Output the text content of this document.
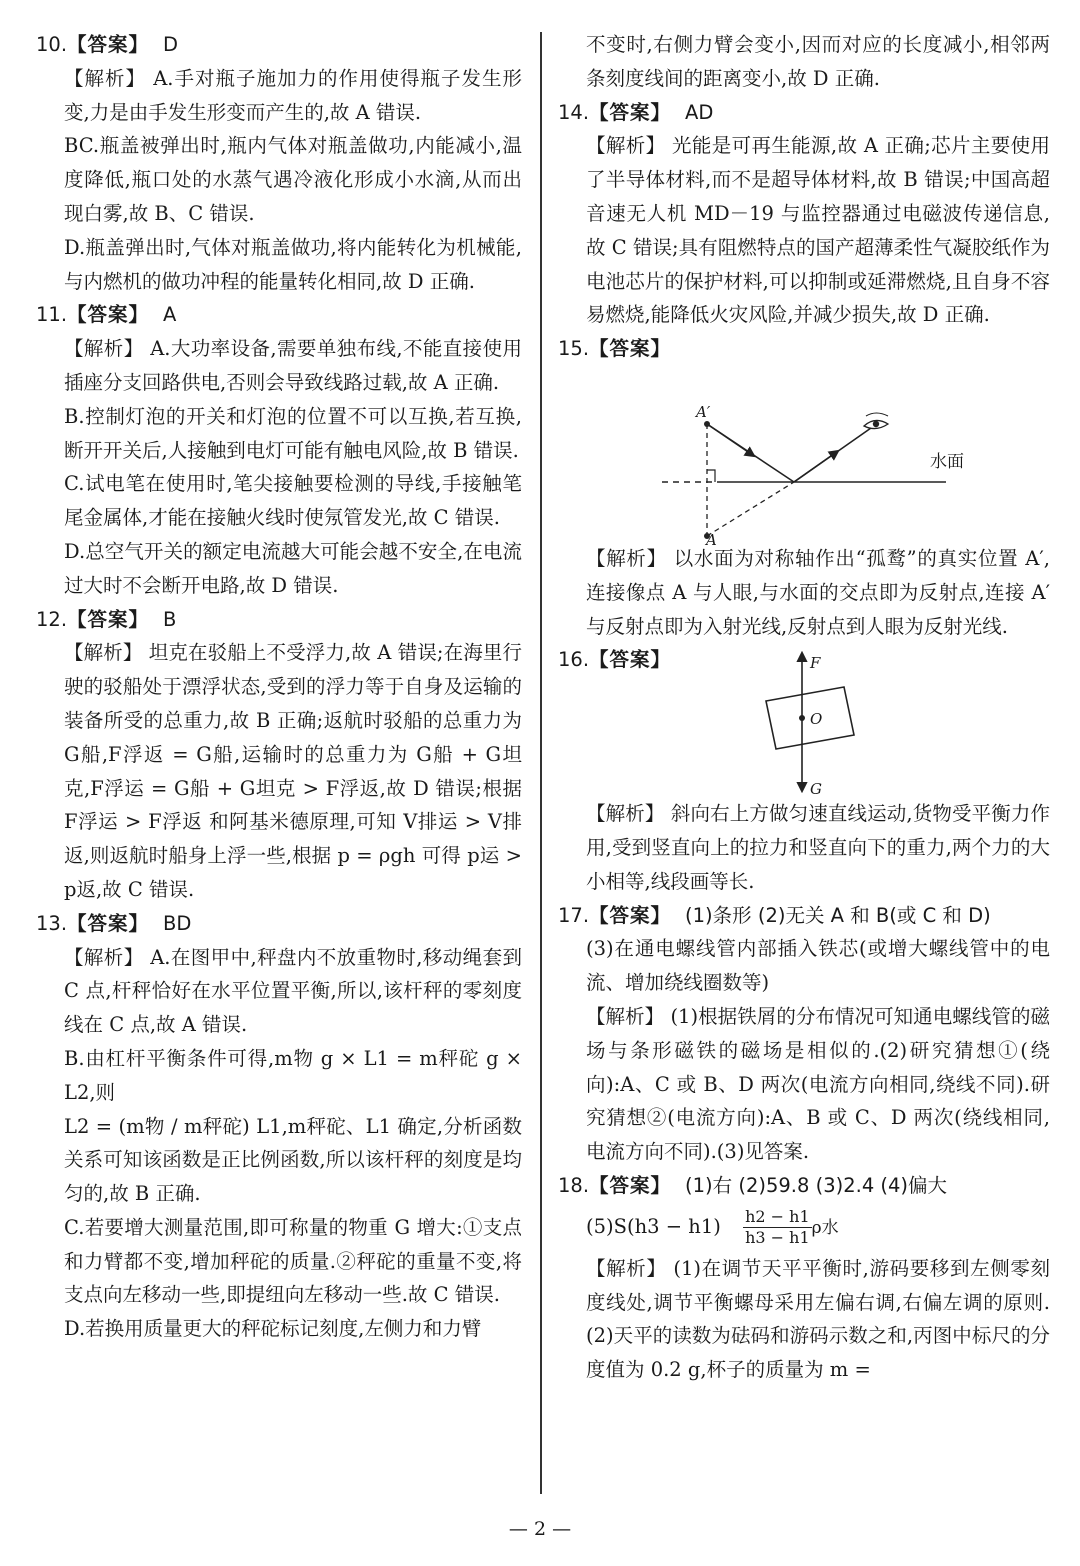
10.【答案】 D

【解析】 A.手对瓶子施加力的作用使得瓶子发生形变,力是由手发生形变而产生的,故 A 错误.

BC.瓶盖被弹出时,瓶内气体对瓶盖做功,内能减小,温度降低,瓶口处的水蒸气遇冷液化形成小水滴,从而出现白雾,故 B、C 错误.

D.瓶盖弹出时,气体对瓶盖做功,将内能转化为机械能,与内燃机的做功冲程的能量转化相同,故 D 正确.

11.【答案】 A

【解析】 A.大功率设备,需要单独布线,不能直接使用插座分支回路供电,否则会导致线路过载,故 A 正确.

B.控制灯泡的开关和灯泡的位置不可以互换,若互换,断开开关后,人接触到电灯可能有触电风险,故 B 错误.

C.试电笔在使用时,笔尖接触要检测的导线,手接触笔尾金属体,才能在接触火线时使氖管发光,故 C 错误.

D.总空气开关的额定电流越大可能会越不安全,在电流过大时不会断开电路,故 D 错误.

12.【答案】 B

【解析】 坦克在驳船上不受浮力,故 A 错误;在海里行驶的驳船处于漂浮状态,受到的浮力等于自身及运输的装备所受的总重力,故 B 正确;返航时驳船的总重力为 G船,F浮返 = G船,运输时的总重力为 G船 + G坦克,F浮运 = G船 + G坦克 > F浮返,故 D 错误;根据 F浮运 > F浮返 和阿基米德原理,可知 V排运 > V排返,则返航时船身上浮一些,根据 p = ρgh 可得 p运 > p返,故 C 错误.

13.【答案】 BD

【解析】 A.在图甲中,秤盘内不放重物时,移动绳套到 C 点,杆秤恰好在水平位置平衡,所以,该杆秤的零刻度线在 C 点,故 A 错误.

B.由杠杆平衡条件可得,m物 g × L1 = m秤砣 g × L2,则

L2 = (m物 / m秤砣) L1,m秤砣、L1 确定,分析函数关系可知该函数是正比例函数,所以该杆秤的刻度是均匀的,故 B 正确.

C.若要增大测量范围,即可称量的物重 G 增大:①支点和力臂都不变,增加秤砣的质量.②秤砣的重量不变,将支点向左移动一些,即提纽向左移动一些.故 C 错误.

D.若换用质量更大的秤砣标记刻度,左侧力和力臂

不变时,右侧力臂会变小,因而对应的长度减小,相邻两条刻度线间的距离变小,故 D 正确.

14.【答案】 AD

【解析】 光能是可再生能源,故 A 正确;芯片主要使用了半导体材料,而不是超导体材料,故 B 错误;中国高超音速无人机 MD－19 与监控器通过电磁波传递信息,故 C 错误;具有阻燃特点的国产超薄柔性气凝胶纸作为电池芯片的保护材料,可以抑制或延滞燃烧,且自身不容易燃烧,能降低火灾风险,并减少损失,故 D 正确.

15.【答案】
A′
A
水面

【解析】 以水面为对称轴作出“孤鹜”的真实位置 A′,连接像点 A 与人眼,与水面的交点即为反射点,连接 A′与反射点即为入射光线,反射点到人眼为反射光线.

16.【答案】	F
O
G

【解析】 斜向右上方做匀速直线运动,货物受平衡力作用,受到竖直向上的拉力和竖直向下的重力,两个力的大小相等,线段画等长.

17.【答案】 (1)条形 (2)无关 A 和 B(或 C 和 D)

(3)在通电螺线管内部插入铁芯(或增大螺线管中的电流、增加绕线圈数等)

【解析】 (1)根据铁屑的分布情况可知通电螺线管的磁场与条形磁铁的磁场是相似的.(2)研究猜想①(绕向):A、C 或 B、D 两次(电流方向相同,绕线不同).研究猜想②(电流方向):A、B 或 C、D 两次(绕线相同,电流方向不同).(3)见答案.

18.【答案】 (1)右 (2)59.8 (3)2.4 (4)偏大

$(5)S(h3 - h1) \frac{h2 - h1}{h3 - h1}$ ρ水

【解析】 (1)在调节天平平衡时,游码要移到左侧零刻度线处,调节平衡螺母采用左偏右调,右偏左调的原则.(2)天平的读数为砝码和游码示数之和,丙图中标尺的分度值为 0.2 g,杯子的质量为 m =

— 2 —
